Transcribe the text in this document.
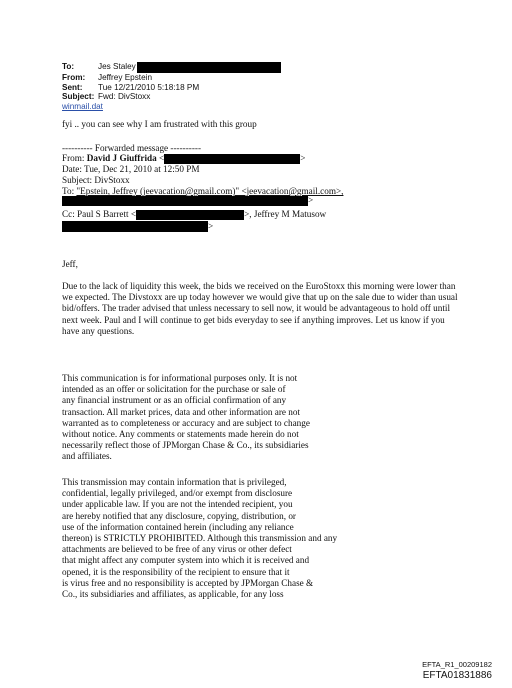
To:	Jes Staley
From:	Jeffrey Epstein
Sent:	Tue 12/21/2010 5:18:18 PM
Subject: Fwd: DivStoxx
winmail.dat
fyi .. you can see why I am frustrated with this group
---------- Forwarded message ----------
From: David J Giuffrida <	>
Date: Tue, Dec 21, 2010 at 12:50 PM
Subject: DivStoxx
To: "Epstein, Jeffrey (jeevacation@gmail.com)" <jeevacation@gmail.com>,
>
Cc: Paul S Barrett <	>, Jeffrey M Matusow
>
Jeff,
Due to the lack of liquidity this week, the bids we received on the EuroStoxx this morning were lower than we expected. The Divstoxx are up today however we would give that up on the sale due to wider than usual bid/offers. The trader advised that unless necessary to sell now, it would be advantageous to hold off until next week. Paul and I will continue to get bids everyday to see if anything improves. Let us know if you have any questions.
This communication is for informational purposes only. It is not
intended as an offer or solicitation for the purchase or sale of
any financial instrument or as an official confirmation of any
transaction. All market prices, data and other information are not
warranted as to completeness or accuracy and are subject to change
without notice. Any comments or statements made herein do not
necessarily reflect those of JPMorgan Chase & Co., its subsidiaries
and affiliates.
This transmission may contain information that is privileged,
confidential, legally privileged, and/or exempt from disclosure
under applicable law. If you are not the intended recipient, you
are hereby notified that any disclosure, copying, distribution, or
use of the information contained herein (including any reliance
thereon) is STRICTLY PROHIBITED. Although this transmission and any
attachments are believed to be free of any virus or other defect
that might affect any computer system into which it is received and
opened, it is the responsibility of the recipient to ensure that it
is virus free and no responsibility is accepted by JPMorgan Chase &
Co., its subsidiaries and affiliates, as applicable, for any loss
EFTA_R1_00209182
EFTA01831886
